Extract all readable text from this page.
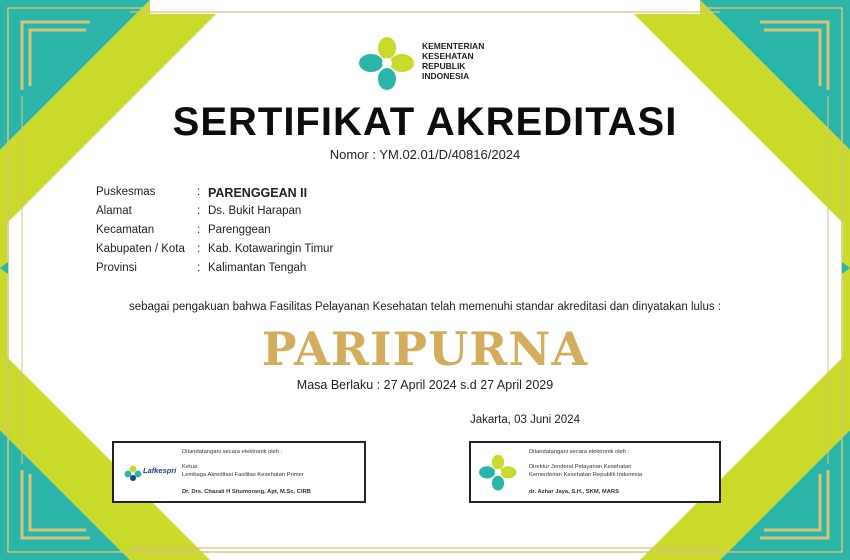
KEMENTERIAN
KESEHATAN
REPUBLIK
INDONESIA
SERTIFIKAT AKREDITASI
Nomor : YM.02.01/D/40816/2024
Puskesmas	: PARENGGEAN II
Alamat	: Ds. Bukit Harapan
Kecamatan	: Parenggean
Kabupaten / Kota : Kab. Kotawaringin Timur
Provinsi	: Kalimantan Tengah
sebagai pengakuan bahwa Fasilitas Pelayanan Kesehatan telah memenuhi standar akreditasi dan dinyatakan lulus :
PARIPURNA
Masa Berlaku : 27 April 2024 s.d 27 April 2029
Jakarta, 03 Juni 2024
Lafkespri
Ditandatangani secara elektronik oleh :
Ketua
Lembaga Akreditasi Fasilitas Kesehatan Primer
Dr. Drs. Chazali H Situmorang, Apt, M.Sc, CIRB
Ditandatangani secara elektronik oleh :
Direktur Jenderal Pelayanan Kesehatan
Kementerian Kesehatan Republik Indonesia
dr. Azhar Jaya, S.H., SKM, MARS
